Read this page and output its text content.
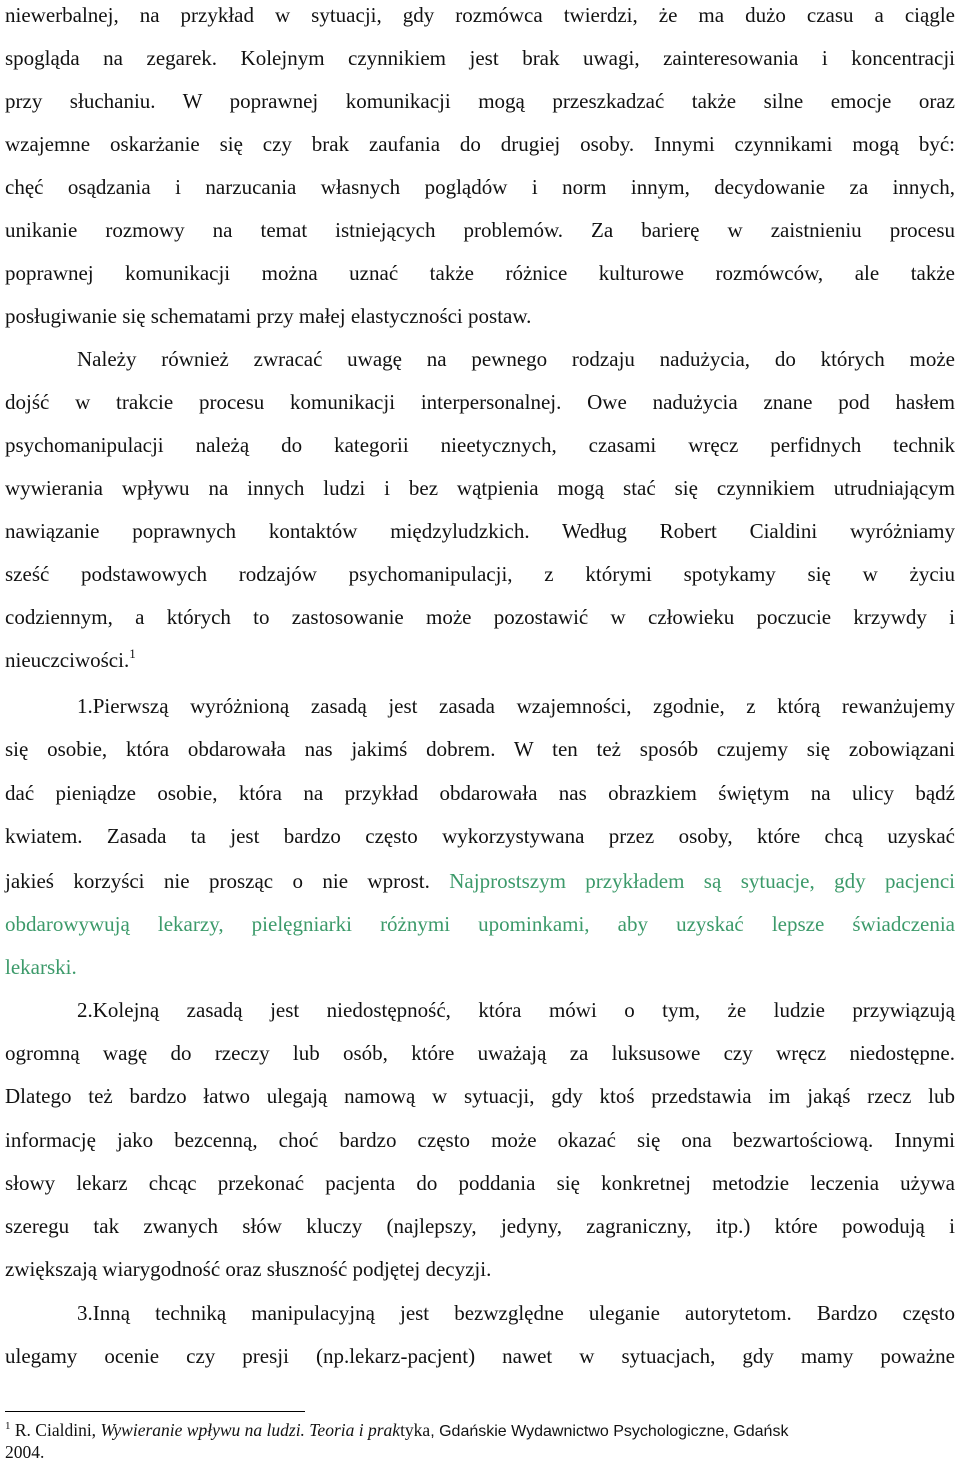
niewerbalnej, na przykład w sytuacji, gdy rozmówca twierdzi, że ma dużo czasu a ciągle
spogląda na zegarek. Kolejnym czynnikiem jest brak uwagi, zainteresowania i koncentracji
przy słuchaniu. W poprawnej komunikacji mogą przeszkadzać także silne emocje oraz
wzajemne oskarżanie się czy brak zaufania do drugiej osoby. Innymi czynnikami mogą być:
chęć osądzania i narzucania własnych poglądów i norm innym, decydowanie za innych,
unikanie rozmowy na temat istniejących problemów. Za barierę w zaistnieniu procesu
poprawnej komunikacji można uznać także różnice kulturowe rozmówców, ale także
posługiwanie się schematami przy małej elastyczności postaw.
Należy również zwracać uwagę na pewnego rodzaju nadużycia, do których może
dojść w trakcie procesu komunikacji interpersonalnej. Owe nadużycia znane pod hasłem
psychomanipulacji należą do kategorii nieetycznych, czasami wręcz perfidnych technik
wywierania wpływu na innych ludzi i bez wątpienia mogą stać się czynnikiem utrudniającym
nawiązanie poprawnych kontaktów międzyludzkich. Według Robert Cialdini wyróżniamy
sześć podstawowych rodzajów psychomanipulacji, z którymi spotykamy się w życiu
codziennym, a których to zastosowanie może pozostawić w człowieku poczucie krzywdy i
nieuczciwości.$^1$
1.Pierwszą wyróżnioną zasadą jest zasada wzajemności, zgodnie, z którą rewanżujemy
się osobie, która obdarowała nas jakimś dobrem. W ten też sposób czujemy się zobowiązani
dać pieniądze osobie, która na przykład obdarowała nas obrazkiem świętym na ulicy bądź
kwiatem. Zasada ta jest bardzo często wykorzystywana przez osoby, które chcą uzyskać
jakieś korzyści nie prosząc o nie wprost. Najprostszym przykładem są sytuacje, gdy pacjenci
obdarowywują lekarzy, pielęgniarki różnymi upominkami, aby uzyskać lepsze świadczenia
lekarski.
2.Kolejną zasadą jest niedostępność, która mówi o tym, że ludzie przywiązują
ogromną wagę do rzeczy lub osób, które uważają za luksusowe czy wręcz niedostępne.
Dlatego też bardzo łatwo ulegają namową w sytuacji, gdy ktoś przedstawia im jakąś rzecz lub
informację jako bezcenną, choć bardzo często może okazać się ona bezwartościową. Innymi
słowy lekarz chcąc przekonać pacjenta do poddania się konkretnej metodzie leczenia używa
szeregu tak zwanych słów kluczy (najlepszy, jedyny, zagraniczny, itp.) które powodują i
zwiększają wiarygodność oraz słuszność podjętej decyzji.
3.Inną techniką manipulacyjną jest bezwzględne uleganie autorytetom. Bardzo często
ulegamy ocenie czy presji (np.lekarz-pacjent) nawet w sytuacjach, gdy mamy poważne
$^1$ R. Cialdini, Wywieranie wpływu na ludzi. Teoria i praktyka, Gdańskie Wydawnictwo Psychologiczne, Gdańsk
2004.
